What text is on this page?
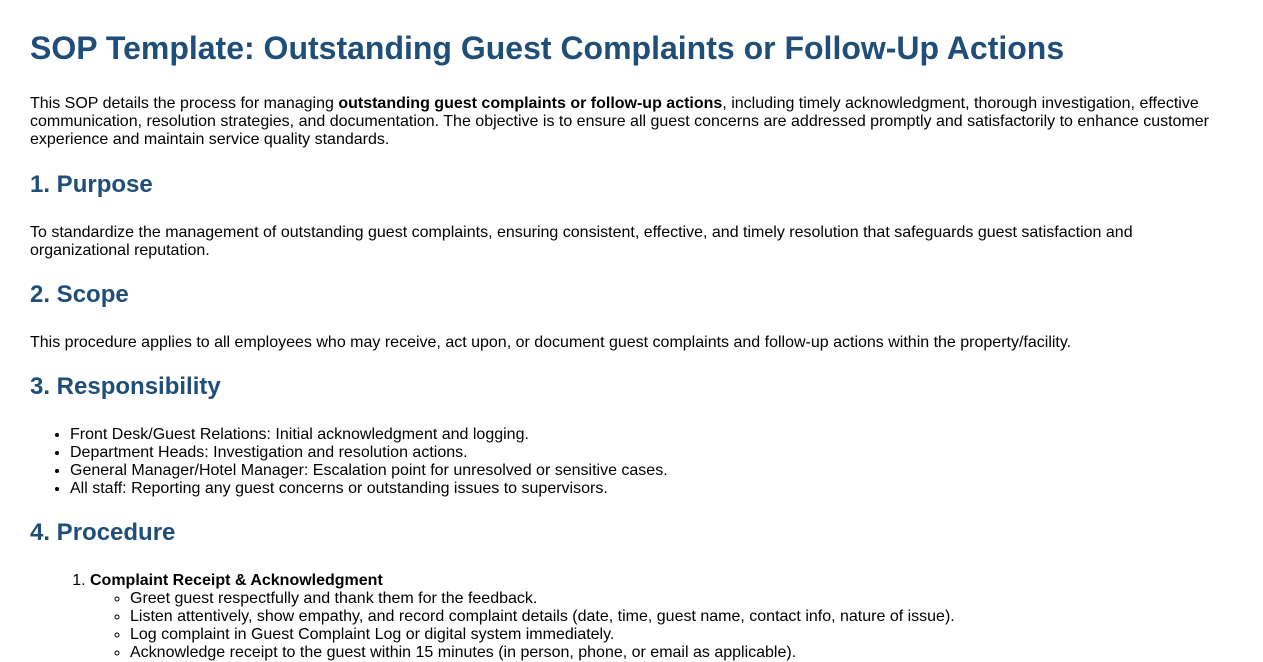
SOP Template: Outstanding Guest Complaints or Follow-Up Actions

This SOP details the process for managing outstanding guest complaints or follow-up actions, including timely acknowledgment, thorough investigation, effective communication, resolution strategies, and documentation. The objective is to ensure all guest concerns are addressed promptly and satisfactorily to enhance customer experience and maintain service quality standards.

1. Purpose

To standardize the management of outstanding guest complaints, ensuring consistent, effective, and timely resolution that safeguards guest satisfaction and organizational reputation.

2. Scope

This procedure applies to all employees who may receive, act upon, or document guest complaints and follow-up actions within the property/facility.

3. Responsibility
• Front Desk/Guest Relations: Initial acknowledgment and logging.
• Department Heads: Investigation and resolution actions.
• General Manager/Hotel Manager: Escalation point for unresolved or sensitive cases.
• All staff: Reporting any guest concerns or outstanding issues to supervisors.
4. Procedure
1. Complaint Receipt & Acknowledgment
◦ Greet guest respectfully and thank them for the feedback.
◦ Listen attentively, show empathy, and record complaint details (date, time, guest name, contact info, nature of issue).
◦ Log complaint in Guest Complaint Log or digital system immediately.
◦ Acknowledge receipt to the guest within 15 minutes (in person, phone, or email as applicable).
